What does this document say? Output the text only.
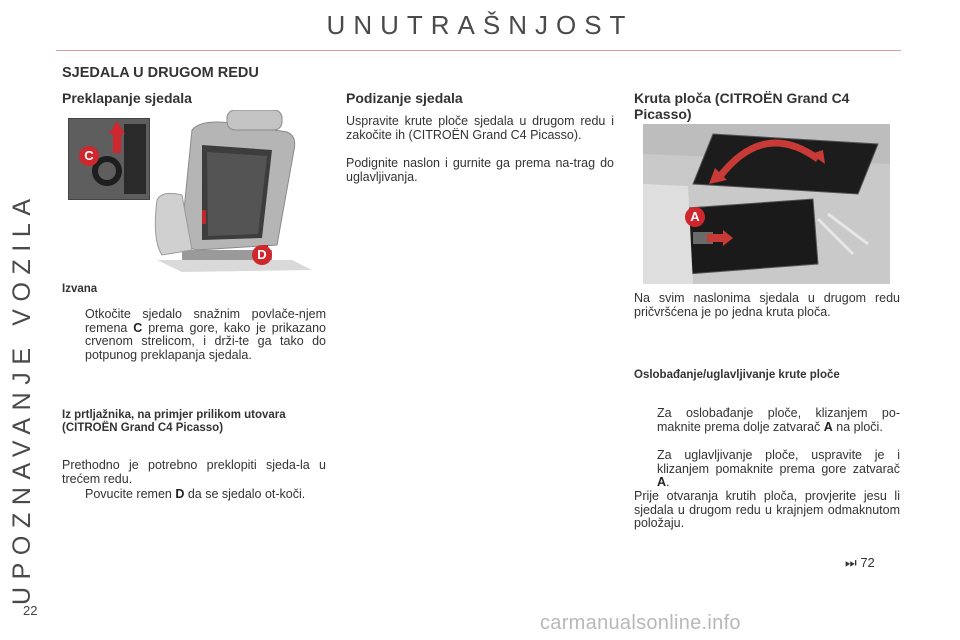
UNUTRAŠNJOST
UPOZNAVANJE VOZILA
SJEDALA U DRUGOM REDU
Preklapanje sjedala
C
D
Izvana
Otkočite sjedalo snažnim povlače-njem remena C prema gore, kako je prikazano crvenom strelicom, i drži-te ga tako do potpunog preklapanja sjedala.
Iz prtljažnika, na primjer prilikom utovara (CITROËN Grand C4 Picasso)

Prethodno je potrebno preklopiti sjeda-la u trećem redu.

Povucite remen D da se sjedalo ot-koči.
Podizanje sjedala

Uspravite krute ploče sjedala u drugom redu i zakočite ih (CITROËN Grand C4 Picasso).

Podignite naslon i gurnite ga prema na-trag do uglavljivanja.

Kruta ploča (CITROËN Grand C4 Picasso)
A

Na svim naslonima sjedala u drugom redu pričvršćena je po jedna kruta ploča.

Oslobađanje/uglavljivanje krute ploče
Za oslobađanje ploče, klizanjem po-maknite prema dolje zatvarač A na ploči.
Za uglavljivanje ploče, uspravite je i klizanjem pomaknite prema gore zatvarač A.

Prije otvaranja krutih ploča, provjerite jesu li sjedala u drugom redu u krajnjem odmaknutom položaju.

⏭ 72
22
carmanualsonline.info
